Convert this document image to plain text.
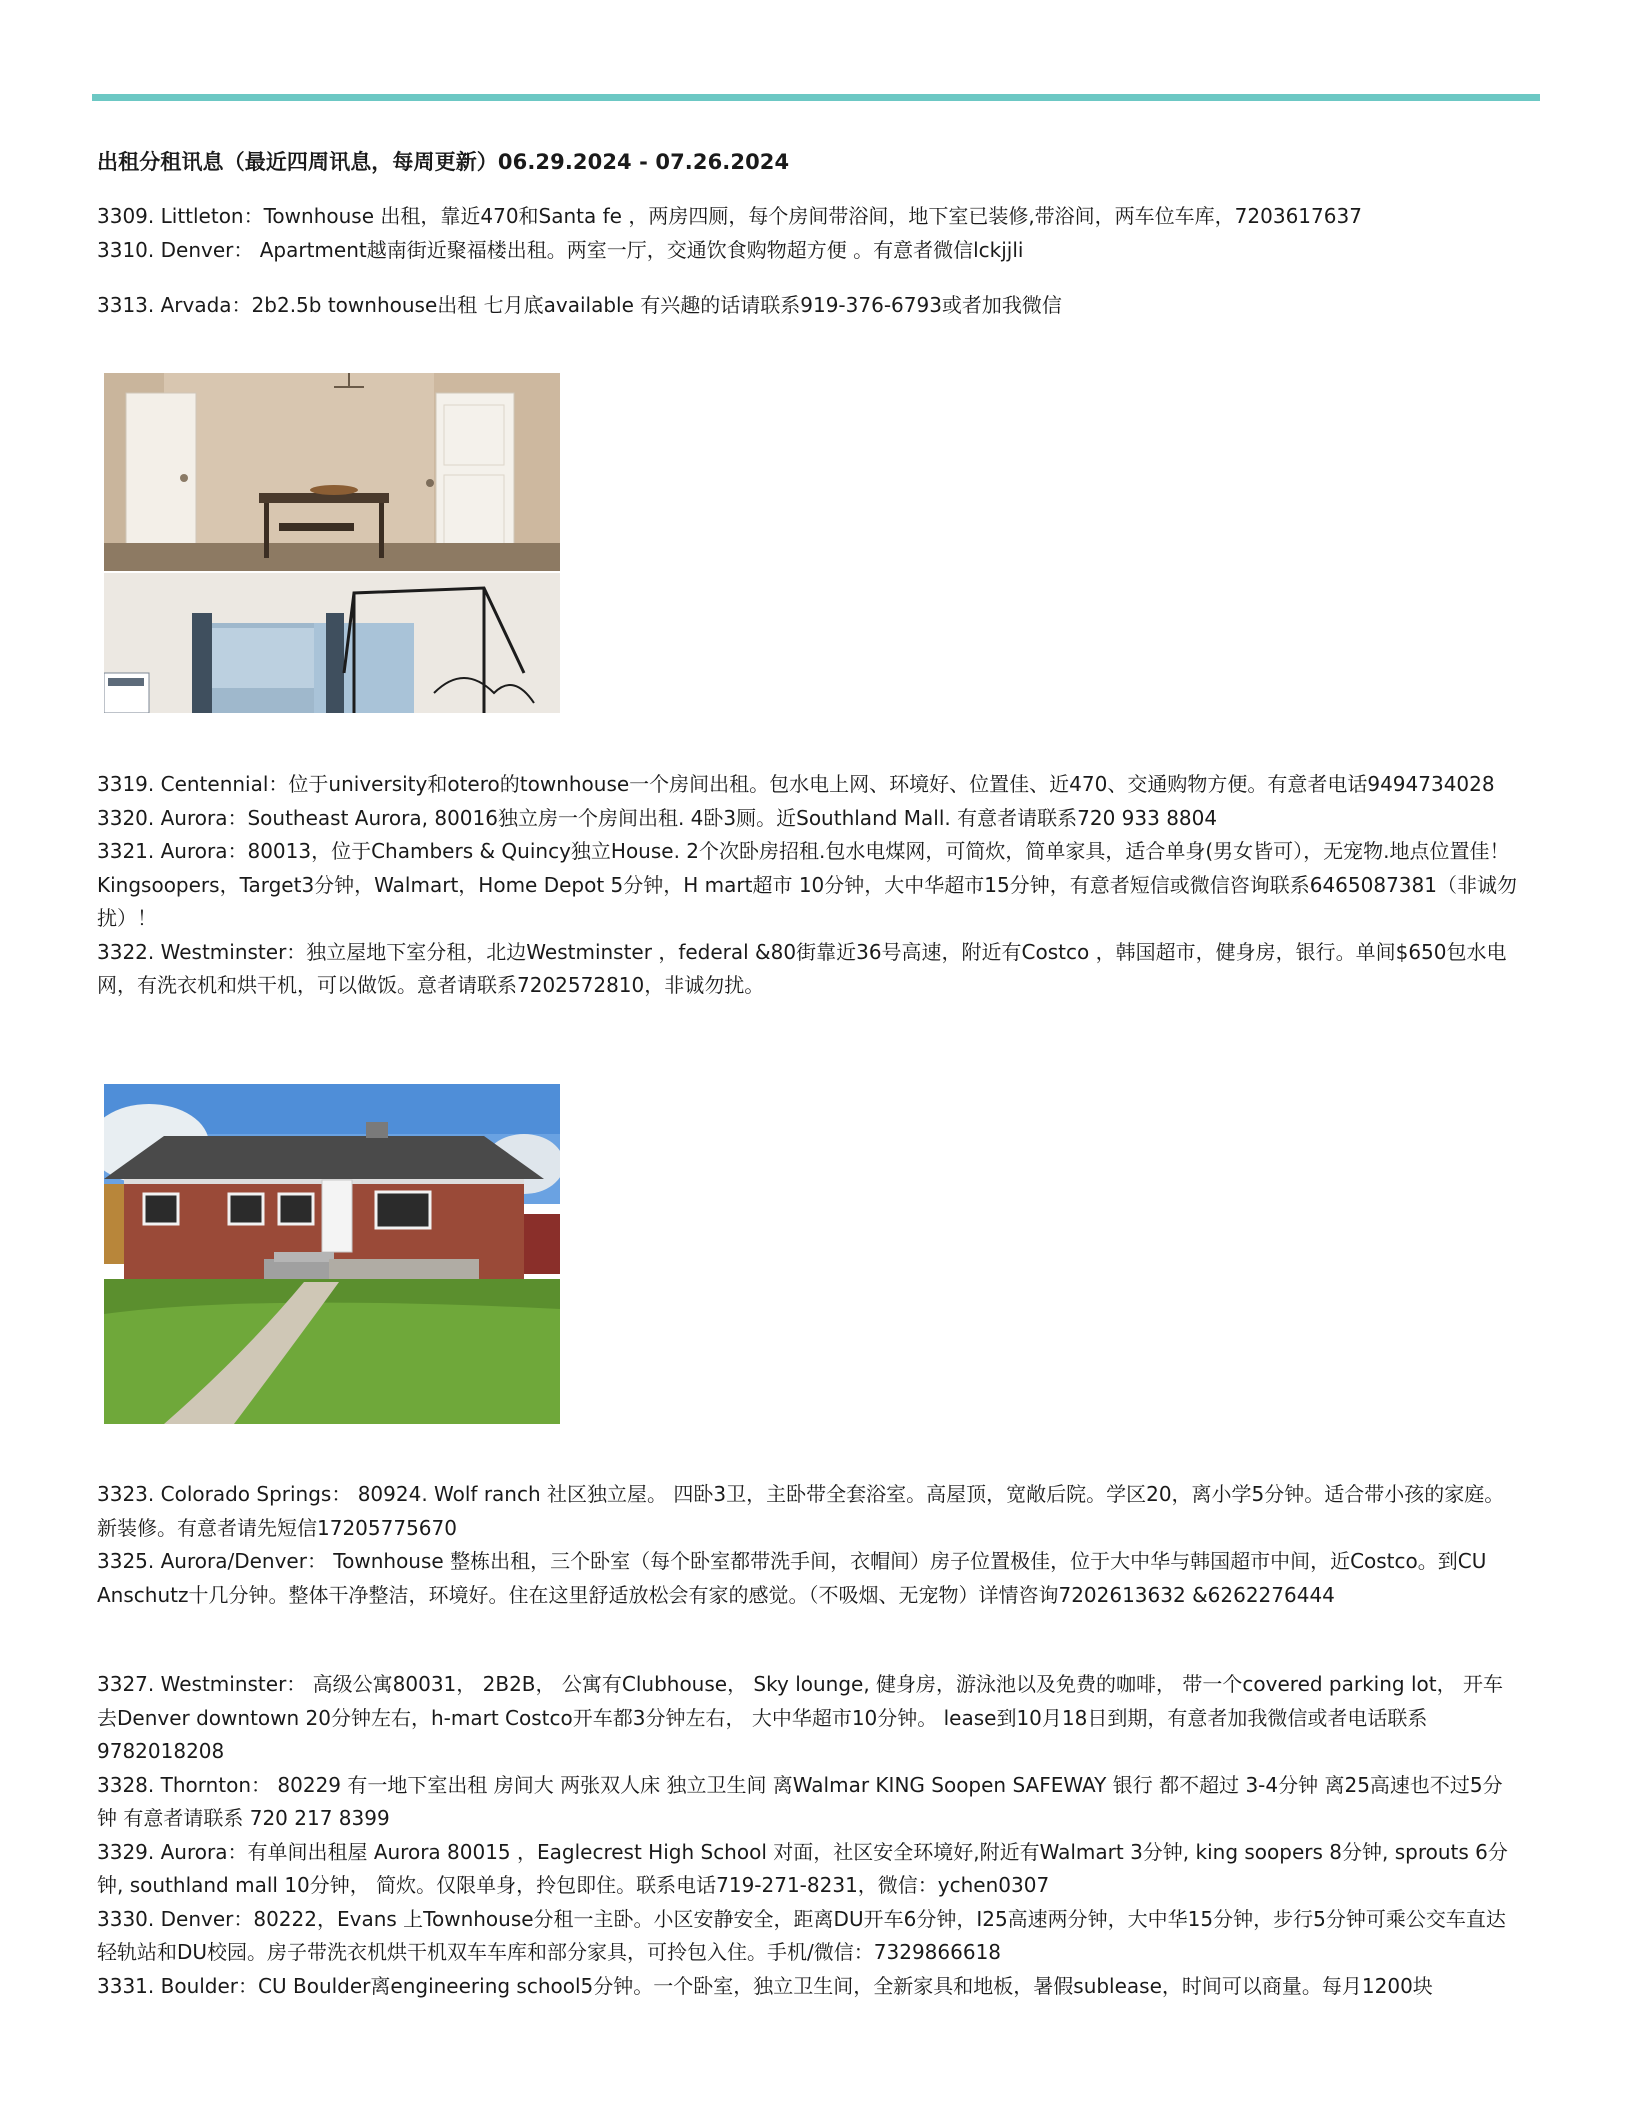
出租分租讯息（最近四周讯息，每周更新）06.29.2024 - 07.26.2024

3309. Littleton：Townhouse 出租，靠近470和Santa fe ，两房四厕，每个房间带浴间，地下室已装修,带浴间，两车位车库，7203617637

3310. Denver： Apartment越南街近聚福楼出租。两室一厅，交通饮食购物超方便 。有意者微信lckjjli

3313. Arvada：2b2.5b townhouse出租 七月底available 有兴趣的话请联系919-376-6793或者加我微信

3319. Centennial：位于university和otero的townhouse一个房间出租。包水电上网、环境好、位置佳、近470、交通购物方便。有意者电话9494734028

3320. Aurora：Southeast Aurora, 80016独立房一个房间出租. 4卧3厕。近Southland Mall. 有意者请联系720 933 8804

3321. Aurora：80013，位于Chambers & Quincy独立House. 2个次卧房招租.包水电煤网，可简炊，简单家具，适合单身(男女皆可），无宠物.地点位置佳！Kingsoopers，Target3分钟，Walmart，Home Depot 5分钟，H mart超市 10分钟，大中华超市15分钟，有意者短信或微信咨询联系6465087381（非诚勿扰）！

3322. Westminster：独立屋地下室分租，北边Westminster ，federal &80街靠近36号高速，附近有Costco ，韩国超市，健身房，银行。单间$650包水电网，有洗衣机和烘干机，可以做饭。意者请联系7202572810，非诚勿扰。

3323. Colorado Springs： 80924. Wolf ranch 社区独立屋。 四卧3卫，主卧带全套浴室。高屋顶，宽敞后院。学区20，离小学5分钟。适合带小孩的家庭。新装修。有意者请先短信17205775670

3325. Aurora/Denver： Townhouse 整栋出租，三个卧室（每个卧室都带洗手间，衣帽间）房子位置极佳，位于大中华与韩国超市中间，近Costco。到CU Anschutz十几分钟。整体干净整洁，环境好。住在这里舒适放松会有家的感觉。（不吸烟、无宠物）详情咨询7202613632 &6262276444

3327. Westminster： 高级公寓80031， 2B2B， 公寓有Clubhouse， Sky lounge, 健身房，游泳池以及免费的咖啡， 带一个covered parking lot， 开车去Denver downtown 20分钟左右，h-mart Costco开车都3分钟左右， 大中华超市10分钟。 lease到10月18日到期，有意者加我微信或者电话联系9782018208

3328. Thornton： 80229 有一地下室出租 房间大 两张双人床 独立卫生间 离Walmar KING Soopen SAFEWAY 银行 都不超过 3-4分钟 离25高速也不过5分钟 有意者请联系 720 217 8399

3329. Aurora：有单间出租屋 Aurora 80015 ，Eaglecrest High School 对面，社区安全环境好,附近有Walmart 3分钟, king soopers 8分钟, sprouts 6分钟, southland mall 10分钟， 简炊。仅限单身，拎包即住。联系电话719-271-8231，微信：ychen0307

3330. Denver：80222，Evans 上Townhouse分租一主卧。小区安静安全，距离DU开车6分钟，I25高速两分钟，大中华15分钟，步行5分钟可乘公交车直达轻轨站和DU校园。房子带洗衣机烘干机双车车库和部分家具，可拎包入住。手机/微信：7329866618

3331. Boulder：CU Boulder离engineering school5分钟。一个卧室，独立卫生间，全新家具和地板，暑假sublease，时间可以商量。每月1200块
